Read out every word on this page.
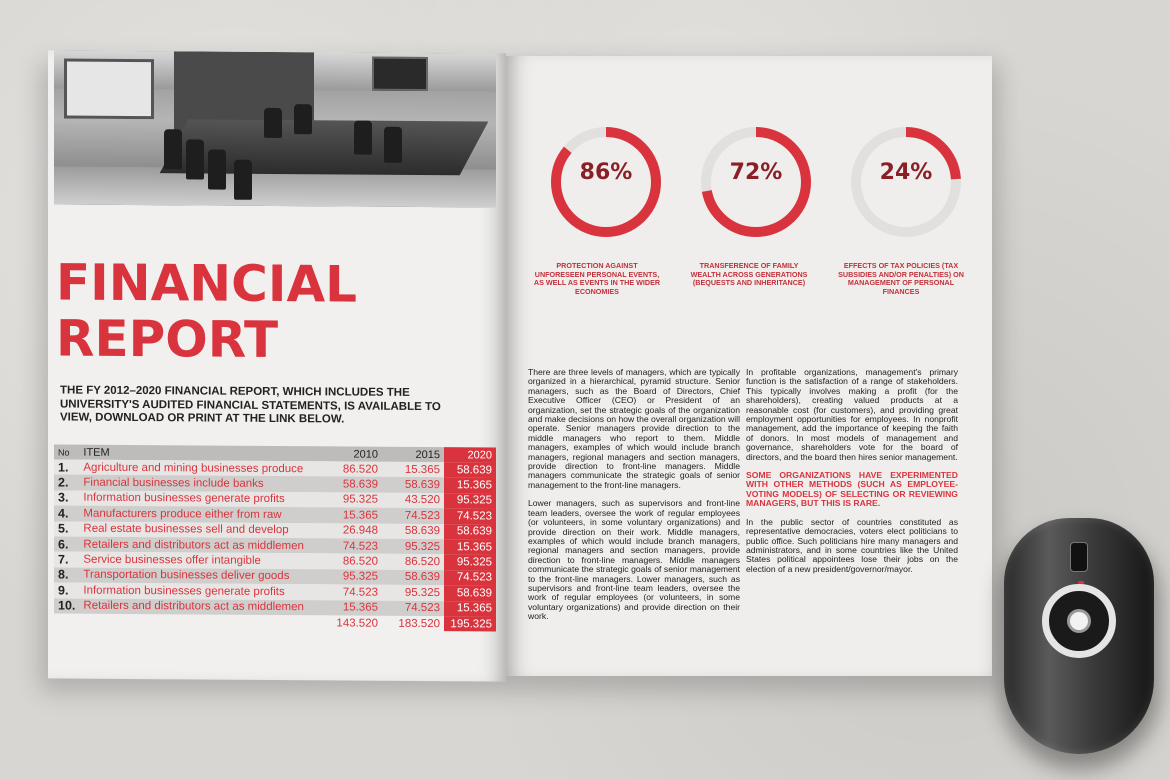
FINANCIAL
REPORT
THE FY 2012–2020 FINANCIAL REPORT, WHICH INCLUDES THE UNIVERSITY'S AUDITED FINANCIAL STATEMENTS, IS AVAILABLE TO VIEW, DOWNLOAD OR PRINT AT THE LINK BELOW.
No	ITEM	2010	2015	2020
1.	Agriculture and mining businesses produce	86.520	15.365	58.639
2.	Financial businesses include banks	58.639	58.639	15.365
3.	Information businesses generate profits	95.325	43.520	95.325
4.	Manufacturers produce either from raw	15.365	74.523	74.523
5.	Real estate businesses sell and develop	26.948	58.639	58.639
6.	Retailers and distributors act as middlemen	74.523	95.325	15.365
7.	Service businesses offer intangible	86.520	86.520	95.325
8.	Transportation businesses deliver goods	95.325	58.639	74.523
9.	Information businesses generate profits	74.523	95.325	58.639
10.	Retailers and distributors act as middlemen	15.365	74.523	15.365
		143.520	183.520	195.325
86%	72%	24%
PROTECTION AGAINST UNFORESEEN PERSONAL EVENTS, AS WELL AS EVENTS IN THE WIDER ECONOMIES
TRANSFERENCE OF FAMILY WEALTH ACROSS GENERATIONS (BEQUESTS AND INHERITANCE)
EFFECTS OF TAX POLICIES (TAX SUBSIDIES AND/OR PENALTIES) ON MANAGEMENT OF PERSONAL FINANCES

There are three levels of managers, which are typically organized in a hierarchical, pyramid structure. Senior managers, such as the Board of Directors, Chief Executive Officer (CEO) or President of an organization, set the strategic goals of the organization and make decisions on how the overall organization will operate. Senior managers provide direction to the middle managers who report to them. Middle managers, examples of which would include branch managers, regional managers and section managers, provide direction to front-line managers. Middle managers communicate the strategic goals of senior management to the front-line managers.

Lower managers, such as supervisors and front-line team leaders, oversee the work of regular employees (or volunteers, in some voluntary organizations) and provide direction on their work. Middle managers, examples of which would include branch managers, regional managers and section managers, provide direction to front-line managers. Middle managers communicate the strategic goals of senior management to the front-line managers. Lower managers, such as supervisors and front-line team leaders, oversee the work of regular employees (or volunteers, in some voluntary organizations) and provide direction on their work.

In profitable organizations, management's primary function is the satisfaction of a range of stakeholders. This typically involves making a profit (for the shareholders), creating valued products at a reasonable cost (for customers), and providing great employment opportunities for employees. In nonprofit management, add the importance of keeping the faith of donors. In most models of management and governance, shareholders vote for the board of directors, and the board then hires senior management.

SOME ORGANIZATIONS HAVE EXPERIMENTED WITH OTHER METHODS (SUCH AS EMPLOYEE-VOTING MODELS) OF SELECTING OR REVIEWING MANAGERS, BUT THIS IS RARE.

In the public sector of countries constituted as representative democracies, voters elect politicians to public office. Such politicians hire many managers and administrators, and in some countries like the United States political appointees lose their jobs on the election of a new president/governor/mayor.
